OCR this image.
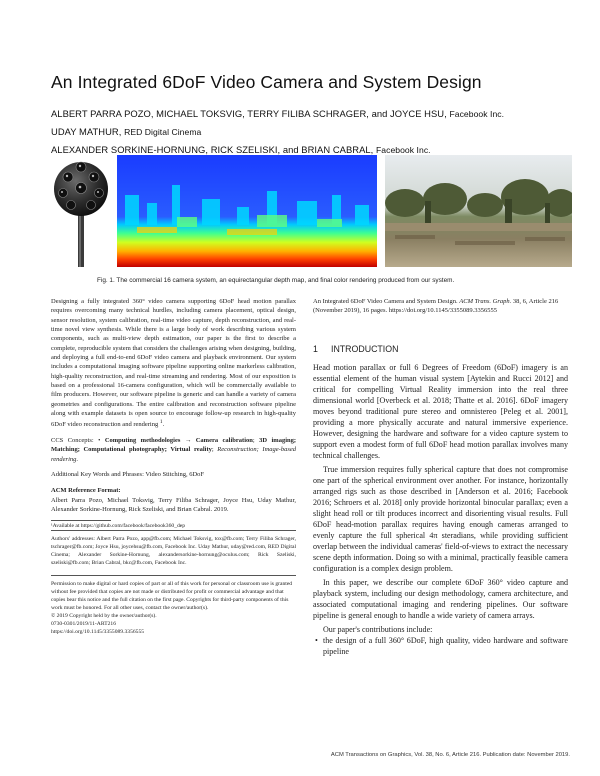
An Integrated 6DoF Video Camera and System Design
ALBERT PARRA POZO, MICHAEL TOKSVIG, TERRY FILIBA SCHRAGER, and JOYCE HSU, Facebook Inc.
UDAY MATHUR, RED Digital Cinema
ALEXANDER SORKINE-HORNUNG, RICK SZELISKI, and BRIAN CABRAL, Facebook Inc.
Fig. 1. The commercial 16 camera system, an equirectangular depth map, and final color rendering produced from our system.

Designing a fully integrated 360° video camera supporting 6DoF head motion parallax requires overcoming many technical hurdles, including camera placement, optical design, sensor resolution, system calibration, real-time video capture, depth reconstruction, and real-time novel view synthesis. While there is a large body of work describing various system components, such as multi-view depth estimation, our paper is the first to describe a complete, reproducible system that considers the challenges arising when designing, building, and deploying a full end-to-end 6DoF video camera and playback environment. Our system includes a computational imaging software pipeline supporting online markerless calibration, high-quality reconstruction, and real-time streaming and rendering. Most of our exposition is based on a professional 16-camera configuration, which will be commercially available to film producers. However, our software pipeline is generic and can handle a variety of camera geometries and configurations. The entire calibration and reconstruction software pipeline along with example datasets is open source to encourage follow-up research in high-quality 6DoF video reconstruction and rendering $^1$.

CCS Concepts: • Computing methodologies → Camera calibration; 3D imaging; Matching; Computational photography; Virtual reality; Reconstruction; Image-based rendering.

Additional Key Words and Phrases: Video Stitching, 6DoF

ACM Reference Format:

Albert Parra Pozo, Michael Toksvig, Terry Filiba Schrager, Joyce Hsu, Uday Mathur, Alexander Sorkine-Hornung, Rick Szeliski, and Brian Cabral. 2019.

¹Available at https://github.com/facebook/facebook360_dep

Authors' addresses: Albert Parra Pozo, app@fb.com; Michael Toksvig, tox@fb.com; Terry Filiba Schrager, tschrager@fb.com; Joyce Hsu, joycehsu@fb.com, Facebook Inc. Uday Mathur, uday@red.com, RED Digital Cinema; Alexander Sorkine-Hornung, alexandersorkine-hornung@oculus.com; Rick Szeliski, szeliski@fb.com; Brian Cabral, bkc@fb.com, Facebook Inc.

Permission to make digital or hard copies of part or all of this work for personal or classroom use is granted without fee provided that copies are not made or distributed for profit or commercial advantage and that copies bear this notice and the full citation on the first page. Copyrights for third-party components of this work must be honored. For all other uses, contact the owner/author(s).
© 2019 Copyright held by the owner/author(s).
0730-0301/2019/11-ART216
https://doi.org/10.1145/3355089.3356555
An Integrated 6DoF Video Camera and System Design. ACM Trans. Graph. 38, 6, Article 216 (November 2019), 16 pages. https://doi.org/10.1145/3355089.3356555
1 INTRODUCTION

Head motion parallax or full 6 Degrees of Freedom (6DoF) imagery is an essential element of the human visual system [Aytekin and Rucci 2012] and critical for compelling Virtual Reality immersion into the real three dimensional world [Overbeck et al. 2018; Thatte et al. 2016]. 6DoF imagery moves beyond traditional pure stereo and omnistereo [Peleg et al. 2001], providing a more physically accurate and natural immersive experience. However, designing the hardware and software for a video capture system to support even a modest form of full 6DoF head motion parallax involves many technical challenges.

True immersion requires fully spherical capture that does not compromise one part of the spherical environment over another. For instance, horizontally arranged rigs such as those described in [Anderson et al. 2016; Facebook 2016; Schroers et al. 2018] only provide horizontal binocular parallax; even a slight head roll or tilt produces incorrect and disorienting visual results. Full 6DoF head-motion parallax requires having enough cameras arranged to evenly capture the full spherical 4π steradians, while providing sufficient overlap between the individual cameras' field-of-views to extract the necessary scene depth information. Doing so with a minimal, practically feasible camera configuration is a complex design problem.

In this paper, we describe our complete 6DoF 360° video capture and playback system, including our design methodology, camera architecture, and associated computational imaging and rendering pipelines. Our software pipeline is general enough to handle a wide variety of camera arrays.

Our paper's contributions include:

• the design of a full 360° 6DoF, high quality, video hardware and software pipeline

ACM Transactions on Graphics, Vol. 38, No. 6, Article 216. Publication date: November 2019.
